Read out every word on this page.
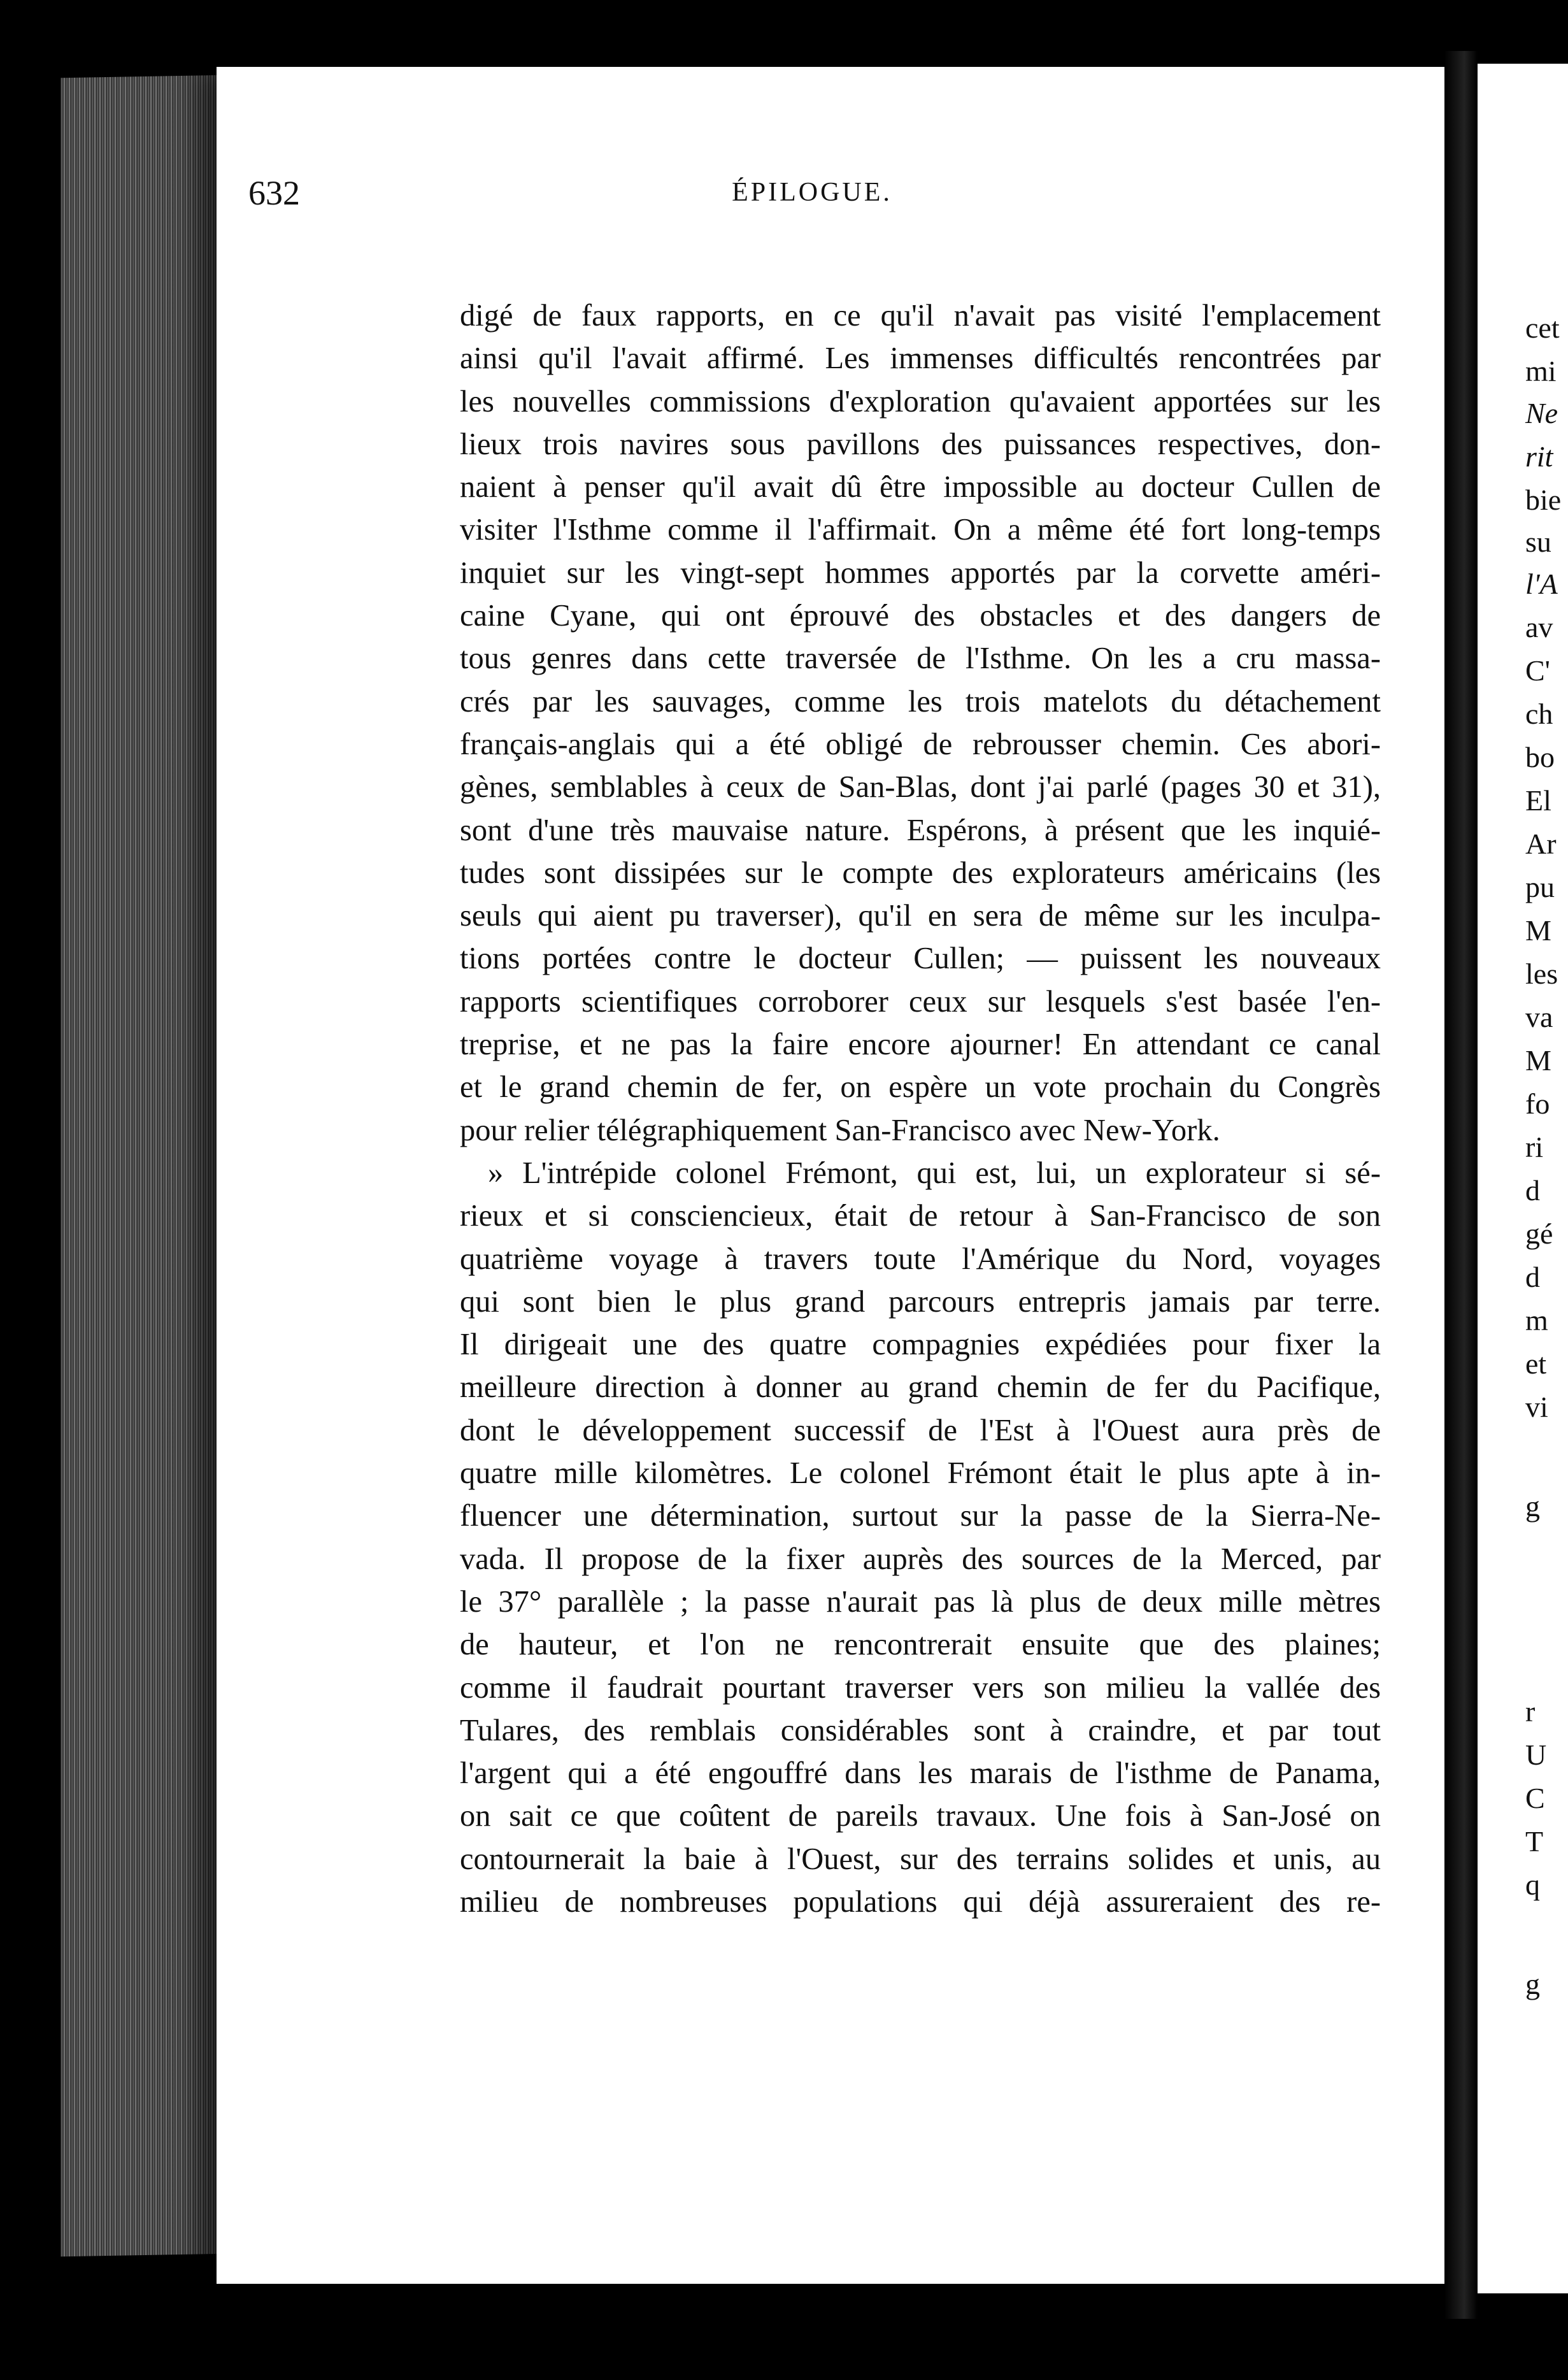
632	ÉPILOGUE.
digé de faux rapports, en ce qu'il n'avait pas visité l'emplacement
ainsi qu'il l'avait affirmé. Les immenses difficultés rencontrées par
les nouvelles commissions d'exploration qu'avaient apportées sur les
lieux trois navires sous pavillons des puissances respectives, don-
naient à penser qu'il avait dû être impossible au docteur Cullen de
visiter l'Isthme comme il l'affirmait. On a même été fort long-temps
inquiet sur les vingt-sept hommes apportés par la corvette améri-
caine Cyane, qui ont éprouvé des obstacles et des dangers de
tous genres dans cette traversée de l'Isthme. On les a cru massa-
crés par les sauvages, comme les trois matelots du détachement
français-anglais qui a été obligé de rebrousser chemin. Ces abori-
gènes, semblables à ceux de San-Blas, dont j'ai parlé (pages 30 et 31),
sont d'une très mauvaise nature. Espérons, à présent que les inquié-
tudes sont dissipées sur le compte des explorateurs américains (les
seuls qui aient pu traverser), qu'il en sera de même sur les inculpa-
tions portées contre le docteur Cullen; — puissent les nouveaux
rapports scientifiques corroborer ceux sur lesquels s'est basée l'en-
treprise, et ne pas la faire encore ajourner! En attendant ce canal
et le grand chemin de fer, on espère un vote prochain du Congrès
pour relier télégraphiquement San-Francisco avec New-York.
» L'intrépide colonel Frémont, qui est, lui, un explorateur si sé-
rieux et si consciencieux, était de retour à San-Francisco de son
quatrième voyage à travers toute l'Amérique du Nord, voyages
qui sont bien le plus grand parcours entrepris jamais par terre.
Il dirigeait une des quatre compagnies expédiées pour fixer la
meilleure direction à donner au grand chemin de fer du Pacifique,
dont le développement successif de l'Est à l'Ouest aura près de
quatre mille kilomètres. Le colonel Frémont était le plus apte à in-
fluencer une détermination, surtout sur la passe de la Sierra-Ne-
vada. Il propose de la fixer auprès des sources de la Merced, par
le 37° parallèle ; la passe n'aurait pas là plus de deux mille mètres
de hauteur, et l'on ne rencontrerait ensuite que des plaines;
comme il faudrait pourtant traverser vers son milieu la vallée des
Tulares, des remblais considérables sont à craindre, et par tout
l'argent qui a été engouffré dans les marais de l'isthme de Panama,
on sait ce que coûtent de pareils travaux. Une fois à San-José on
contournerait la baie à l'Ouest, sur des terrains solides et unis, au
milieu de nombreuses populations qui déjà assureraient des re-
cet
mi
Ne
rit
bie
su
l'A
av
C'
ch
bo
El
Ar
pu
M
les
va
M
fo
ri
d
gé
d
m
et
vi
g
r
U
C
T
q
g
